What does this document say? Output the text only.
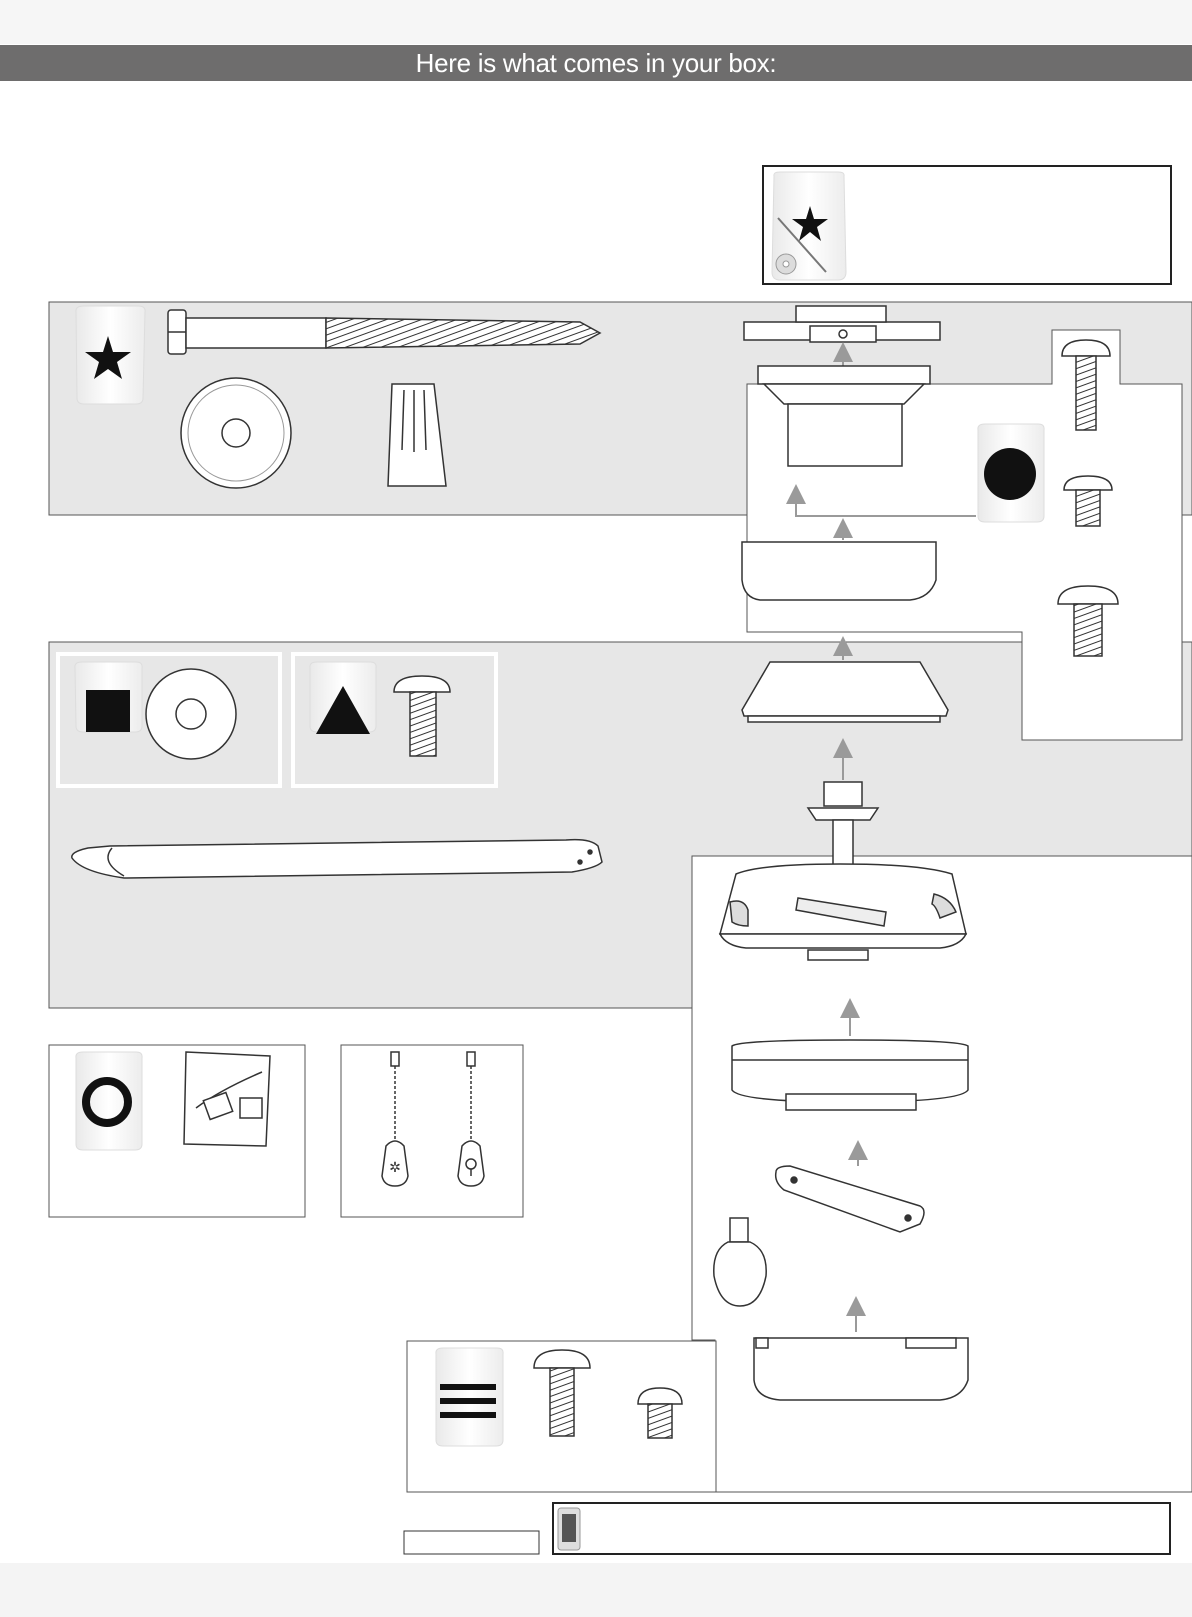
Here is what comes in your box:
✲
